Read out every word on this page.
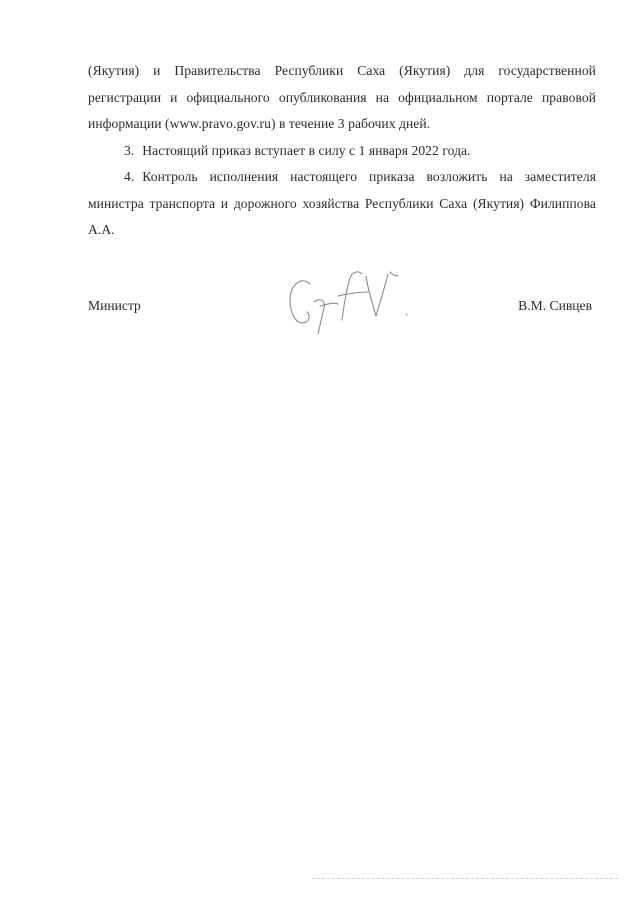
(Якутия) и Правительства Республики Саха (Якутия) для государственной регистрации и официального опубликования на официальном портале правовой информации (www.pravo.gov.ru) в течение 3 рабочих дней.

3. Настоящий приказ вступает в силу с 1 января 2022 года.

4. Контроль исполнения настоящего приказа возложить на заместителя министра транспорта и дорожного хозяйства Республики Саха (Якутия) Филиппова А.А.

Министр	В.М. Сивцев
